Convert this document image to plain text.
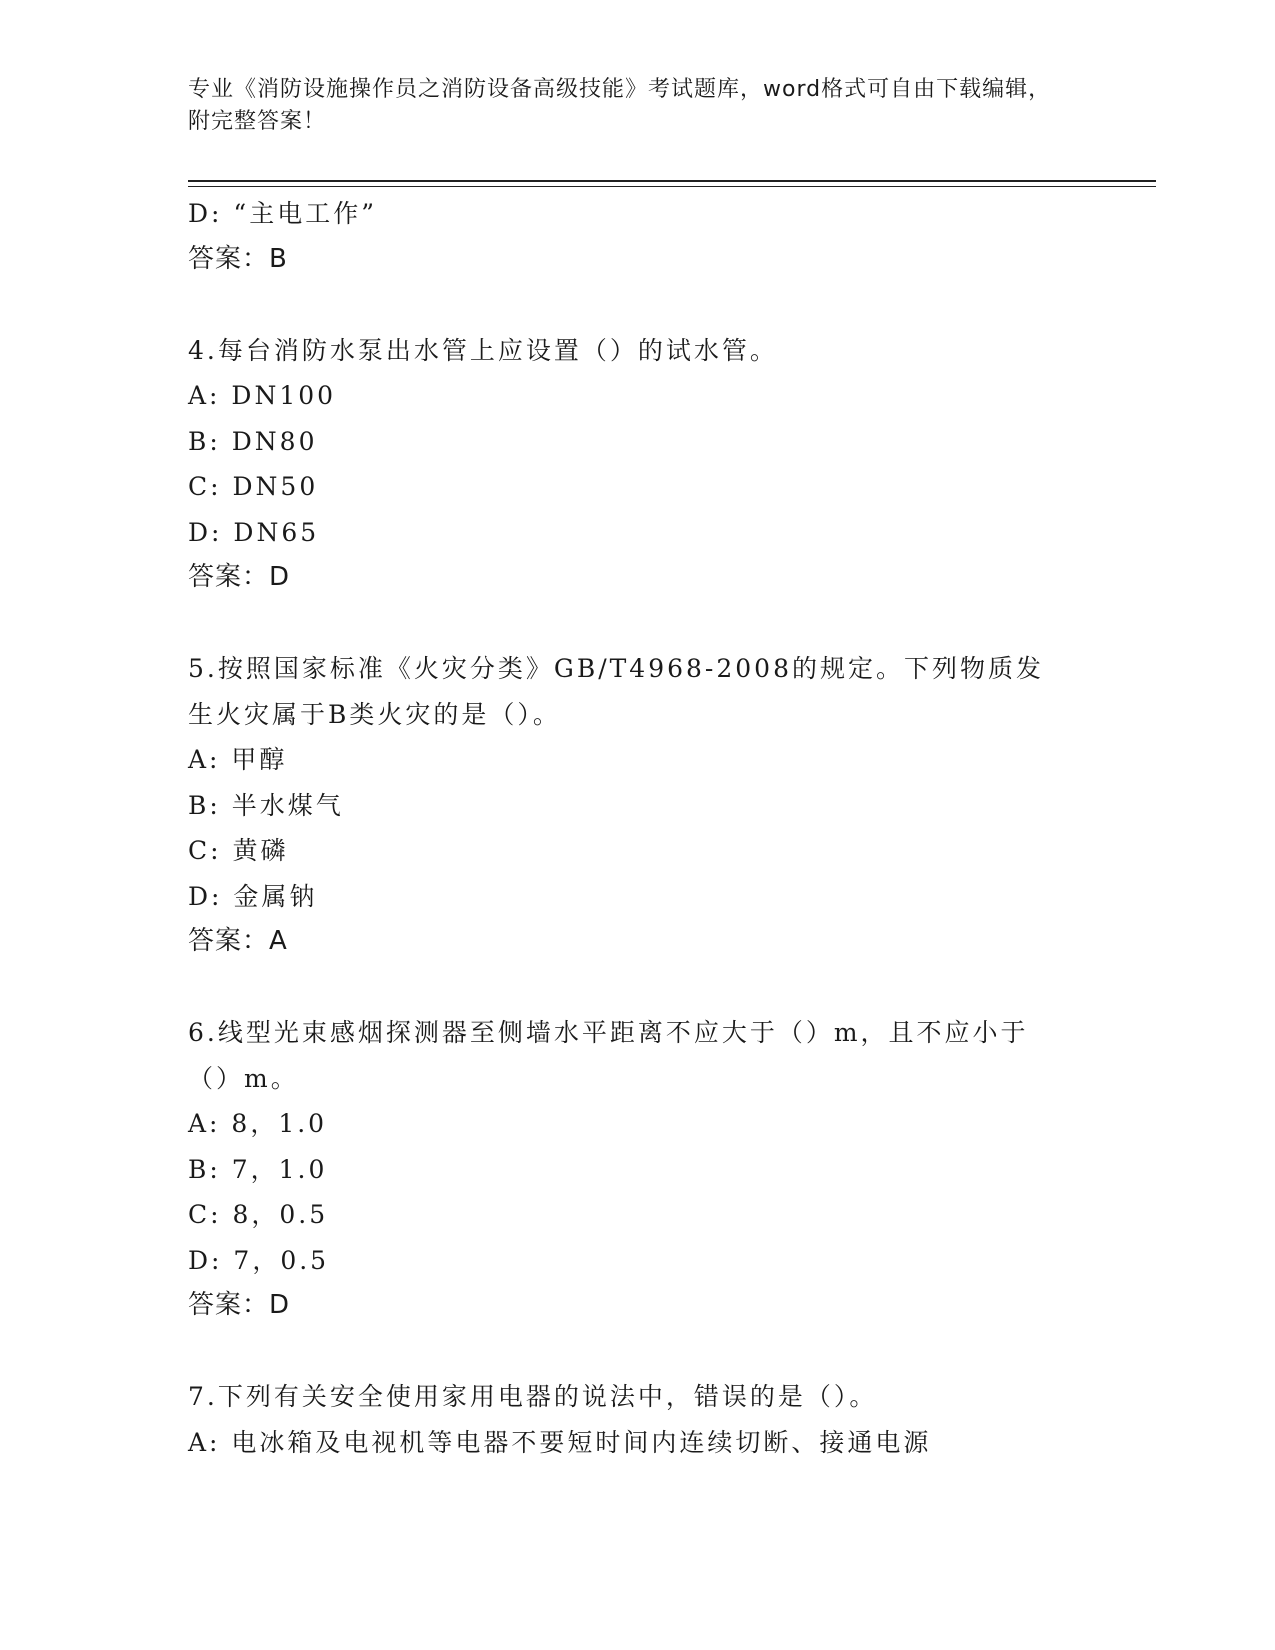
专业《消防设施操作员之消防设备高级技能》考试题库，word格式可自由下载编辑，附完整答案！
D: “主电工作”
答案：B
4.每台消防水泵出水管上应设置（）的试水管。
A: DN100
B: DN80
C: DN50
D: DN65
答案：D
5.按照国家标准《火灾分类》GB/T4968-2008的规定。下列物质发生火灾属于B类火灾的是（）。
A: 甲醇
B: 半水煤气
C: 黄磷
D: 金属钠
答案：A
6.线型光束感烟探测器至侧墙水平距离不应大于（）m，且不应小于（）m。
A: 8，1.0
B: 7，1.0
C: 8，0.5
D: 7，0.5
答案：D
7.下列有关安全使用家用电器的说法中，错误的是（）。
A: 电冰箱及电视机等电器不要短时间内连续切断、接通电源
